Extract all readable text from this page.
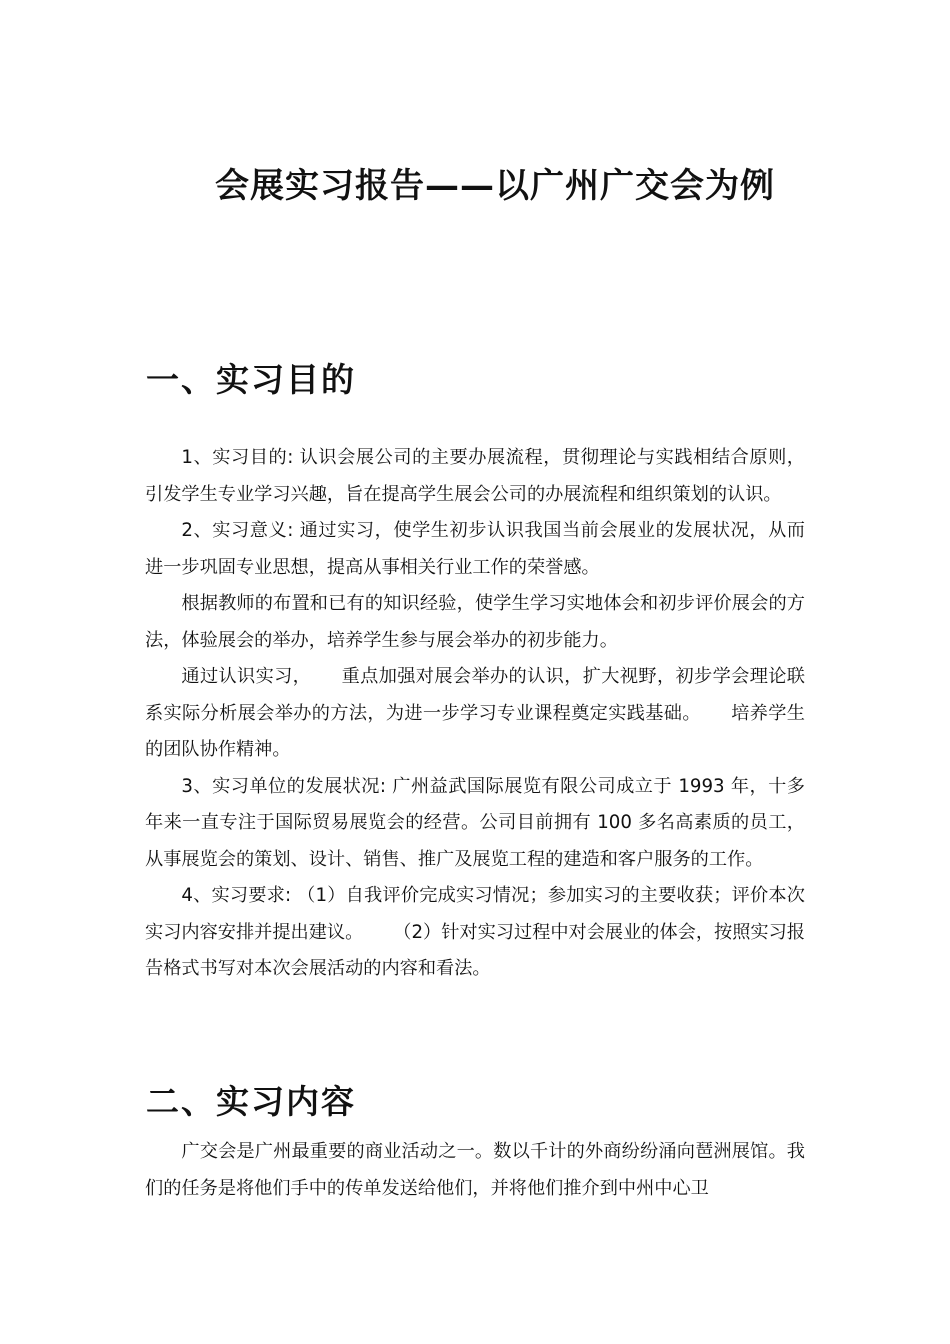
会展实习报告——以广州广交会为例
一、实习目的

1、实习目的: 认识会展公司的主要办展流程，贯彻理论与实践相结合原则，引发学生专业学习兴趣，旨在提高学生展会公司的办展流程和组织策划的认识。

2、实习意义: 通过实习，使学生初步认识我国当前会展业的发展状况，从而进一步巩固专业思想，提高从事相关行业工作的荣誉感。

根据教师的布置和已有的知识经验，使学生学习实地体会和初步评价展会的方法，体验展会的举办，培养学生参与展会举办的初步能力。

通过认识实习， 重点加强对展会举办的认识，扩大视野，初步学会理论联系实际分析展会举办的方法，为进一步学习专业课程奠定实践基础。 培养学生的团队协作精神。

3、实习单位的发展状况: 广州益武国际展览有限公司成立于 1993 年，十多年来一直专注于国际贸易展览会的经营。公司目前拥有 100 多名高素质的员工，从事展览会的策划、设计、销售、推广及展览工程的建造和客户服务的工作。

4、实习要求: （1）自我评价完成实习情况；参加实习的主要收获；评价本次实习内容安排并提出建议。 （2）针对实习过程中对会展业的体会，按照实习报告格式书写对本次会展活动的内容和看法。

二、实习内容

广交会是广州最重要的商业活动之一。数以千计的外商纷纷涌向琶洲展馆。我们的任务是将他们手中的传单发送给他们，并将他们推介到中州中心卫
